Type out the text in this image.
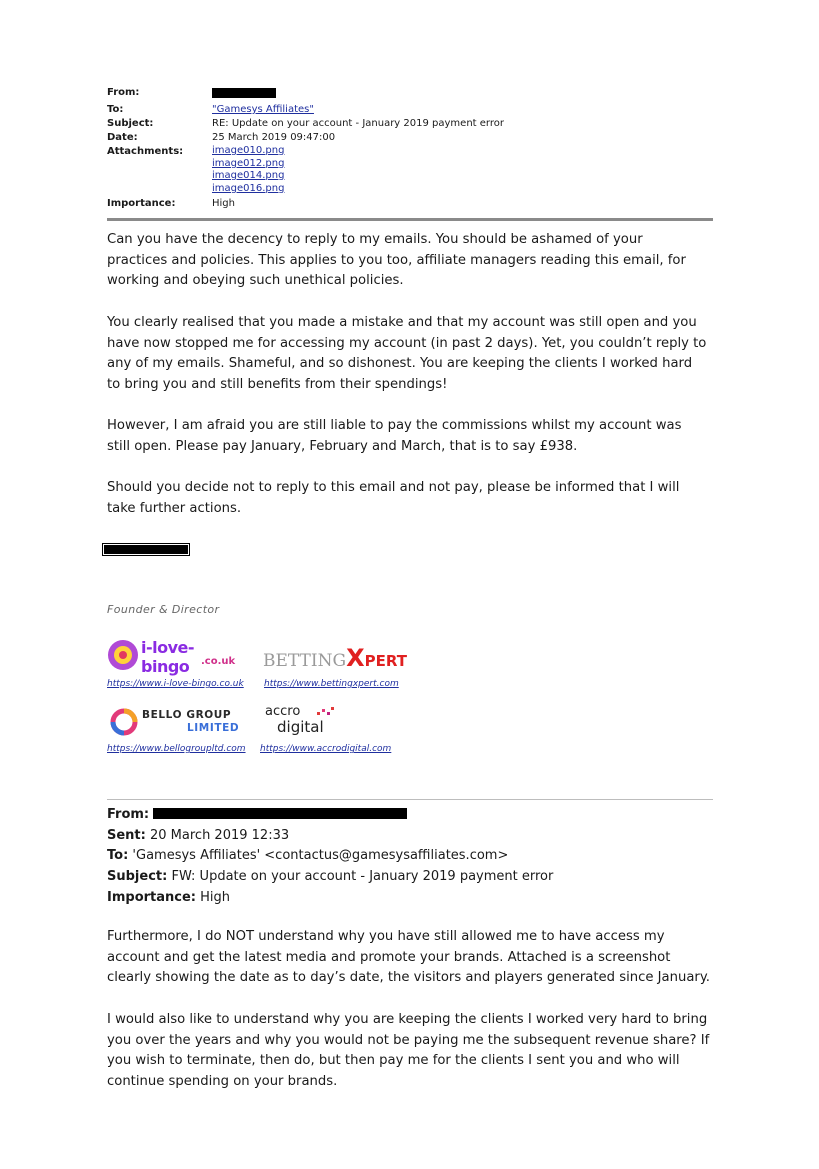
From:
To:	"Gamesys Affiliates"
Subject:	RE: Update on your account - January 2019 payment error
Date:	25 March 2019 09:47:00
Attachments:	image010.png
image012.png
image014.png
image016.png
Importance:	High

Can you have the decency to reply to my emails. You should be ashamed of your practices and policies. This applies to you too, affiliate managers reading this email, for working and obeying such unethical policies.

You clearly realised that you made a mistake and that my account was still open and you have now stopped me for accessing my account (in past 2 days). Yet, you couldn’t reply to any of my emails. Shameful, and so dishonest. You are keeping the clients I worked hard to bring you and still benefits from their spendings!

However, I am afraid you are still liable to pay the commissions whilst my account was still open. Please pay January, February and March, that is to say £938.

Should you decide not to reply to this email and not pay, please be informed that I will take further actions.

Founder & Director
i-love-bingo	.co.uk BETTINGXPERT
https://www.i-love-bingo.co.uk https://www.bettingxpert.com
BELLO GROUP
LIMITED
accro
digital
https://www.bellogroupltd.com https://www.accrodigital.com
From:
Sent: 20 March 2019 12:33
To: 'Gamesys Affiliates' <contactus@gamesysaffiliates.com>
Subject: FW: Update on your account - January 2019 payment error
Importance: High

Furthermore, I do NOT understand why you have still allowed me to have access my account and get the latest media and promote your brands. Attached is a screenshot clearly showing the date as to day’s date, the visitors and players generated since January.

I would also like to understand why you are keeping the clients I worked very hard to bring you over the years and why you would not be paying me the subsequent revenue share? If you wish to terminate, then do, but then pay me for the clients I sent you and who will continue spending on your brands.
